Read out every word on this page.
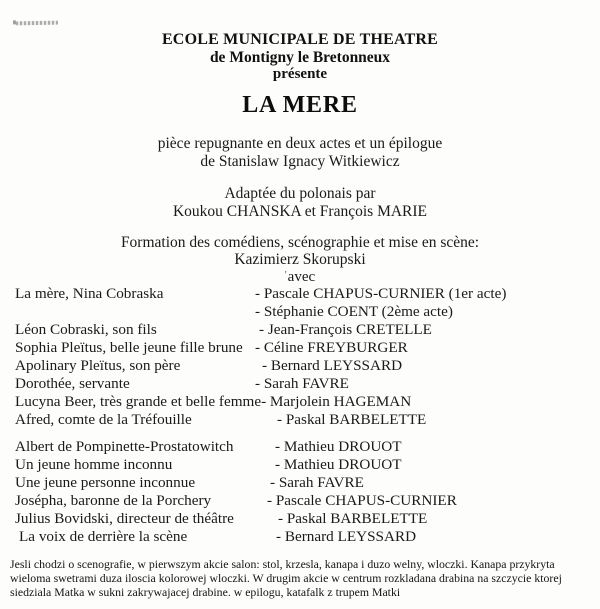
ECOLE MUNICIPALE DE THEATRE
de Montigny le Bretonneux
présente
LA MERE
pièce repugnante en deux actes et un épilogue
de Stanislaw Ignacy Witkiewicz
Adaptée du polonais par
Koukou CHANSKA et François MARIE
Formation des comédiens, scénographie et mise en scène:
Kazimierz Skorupski
' avec
La mère, Nina Cobraska	- Pascale CHAPUS-CURNIER (1er acte)
- Stéphanie COENT (2ème acte)
Léon Cobraski, son fils	- Jean-François CRETELLE
Sophia Pleïtus, belle jeune fille brune - Céline FREYBURGER
Apolinary Pleïtus, son père	- Bernard LEYSSARD
Dorothée, servante	- Sarah FAVRE
Lucyna Beer, très grande et belle femme - Marjolein HAGEMAN
Afred, comte de la Tréfouille	- Paskal BARBELETTE
Albert de Pompinette-Prostatowitch	- Mathieu DROUOT
Un jeune homme inconnu	- Mathieu DROUOT
Une jeune personne inconnue	- Sarah FAVRE
Josépha, baronne de la Porchery	- Pascale CHAPUS-CURNIER
Julius Bovidski, directeur de théâtre	- Paskal BARBELETTE
La voix de derrière la scène	- Bernard LEYSSARD
Jesli chodzi o scenografie, w pierwszym akcie salon: stol, krzesla, kanapa i duzo welny, wloczki. Kanapa przykryta
wieloma swetrami duza iloscia kolorowej wloczki. W drugim akcie w centrum rozkladana drabina na szczycie ktorej
siedziala Matka w sukni zakrywajacej drabine. w epilogu, katafalk z trupem Matki
